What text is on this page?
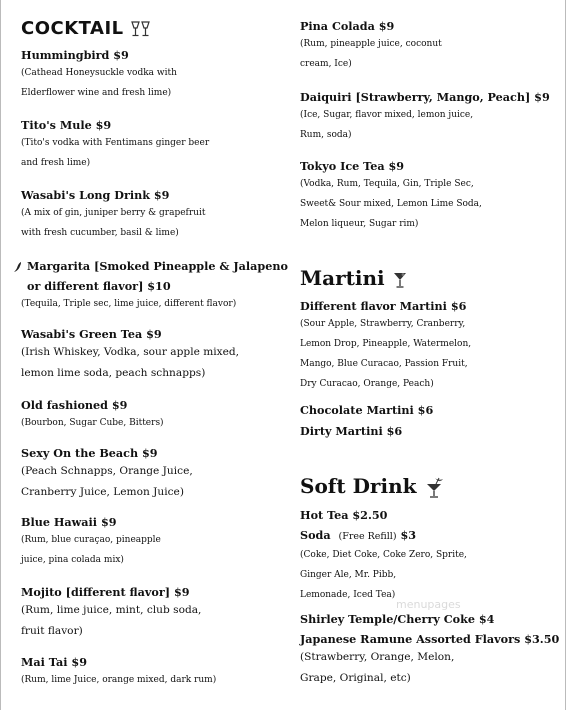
COCKTAIL
Hummingbird $9
(Cathead Honeysuckle vodka with
Elderflower wine and fresh lime)
Tito's Mule $9
(Tito's vodka with Fentimans ginger beer
and fresh lime)
Wasabi's Long Drink $9
(A mix of gin, juniper berry & grapefruit
with fresh cucumber, basil & lime)
Margarita [Smoked Pineapple & Jalapeno
or different flavor] $10
(Tequila, Triple sec, lime juice, different flavor)
Wasabi's Green Tea $9
(Irish Whiskey, Vodka, sour apple mixed,
lemon lime soda, peach schnapps)
Old fashioned $9
(Bourbon, Sugar Cube, Bitters)
Sexy On the Beach $9
(Peach Schnapps, Orange Juice,
Cranberry Juice, Lemon Juice)
Blue Hawaii $9
(Rum, blue curaçao, pineapple
juice, pina colada mix)
Mojito [different flavor] $9
(Rum, lime juice, mint, club soda,
fruit flavor)
Mai Tai $9
(Rum, lime Juice, orange mixed, dark rum)
Pina Colada $9
(Rum, pineapple juice, coconut
cream, Ice)
Daiquiri [Strawberry, Mango, Peach] $9
(Ice, Sugar, flavor mixed, lemon juice,
Rum, soda)
Tokyo Ice Tea $9
(Vodka, Rum, Tequila, Gin, Triple Sec,
Sweet& Sour mixed, Lemon Lime Soda,
Melon liqueur, Sugar rim)
Martini
Different flavor Martini $6
(Sour Apple, Strawberry, Cranberry,
Lemon Drop, Pineapple, Watermelon,
Mango, Blue Curacao, Passion Fruit,
Dry Curacao, Orange, Peach)
Chocolate Martini $6
Dirty Martini $6
Soft Drink
Hot Tea $2.50
Soda (Free Refill) $3
(Coke, Diet Coke, Coke Zero, Sprite,
Ginger Ale, Mr. Pibb,
Lemonade, Iced Tea)
Shirley Temple/Cherry Coke $4
Japanese Ramune Assorted Flavors $3.50
(Strawberry, Orange, Melon,
Grape, Original, etc)
menupages
